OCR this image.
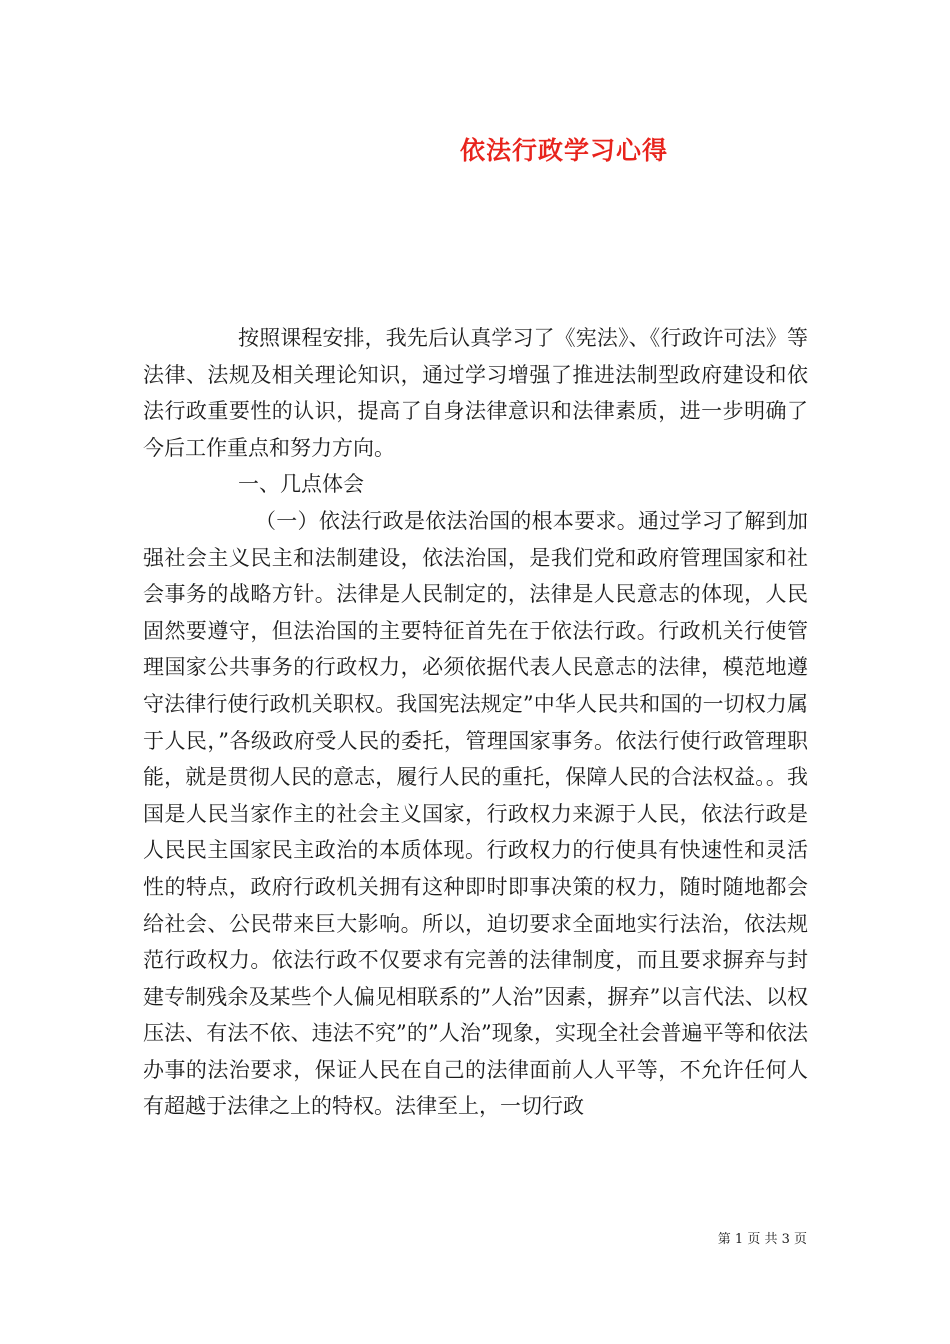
依法行政学习心得

按照课程安排，我先后认真学习了《宪法》、《行政许可法》等法律、法规及相关理论知识，通过学习增强了推进法制型政府建设和依法行政重要性的认识，提高了自身法律意识和法律素质，进一步明确了今后工作重点和努力方向。

一、几点体会

（一）依法行政是依法治国的根本要求。通过学习了解到加强社会主义民主和法制建设，依法治国，是我们党和政府管理国家和社会事务的战略方针。法律是人民制定的，法律是人民意志的体现，人民固然要遵守，但法治国的主要特征首先在于依法行政。行政机关行使管理国家公共事务的行政权力，必须依据代表人民意志的法律，模范地遵守法律行使行政机关职权。我国宪法规定”中华人民共和国的一切权力属于人民，”各级政府受人民的委托，管理国家事务。依法行使行政管理职能，就是贯彻人民的意志，履行人民的重托，保障人民的合法权益。。我国是人民当家作主的社会主义国家，行政权力来源于人民，依法行政是人民民主国家民主政治的本质体现。行政权力的行使具有快速性和灵活性的特点，政府行政机关拥有这种即时即事决策的权力，随时随地都会给社会、公民带来巨大影响。所以，迫切要求全面地实行法治，依法规范行政权力。依法行政不仅要求有完善的法律制度，而且要求摒弃与封建专制残余及某些个人偏见相联系的”人治”因素，摒弃”以言代法、以权压法、有法不依、违法不究”的”人治”现象，实现全社会普遍平等和依法办事的法治要求，保证人民在自己的法律面前人人平等，不允许任何人有超越于法律之上的特权。法律至上，一切行政

第 1 页 共 3 页
